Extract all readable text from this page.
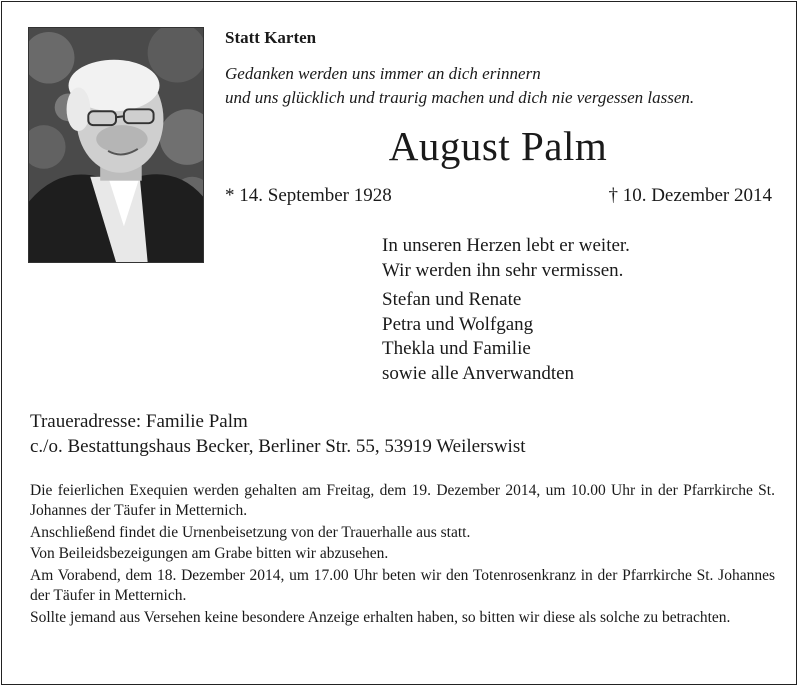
Statt Karten
Gedanken werden uns immer an dich erinnern
und uns glücklich und traurig machen und dich nie vergessen lassen.
August Palm
* 14. September 1928	† 10. Dezember 2014
In unseren Herzen lebt er weiter.
Wir werden ihn sehr vermissen.
Stefan und Renate
Petra und Wolfgang
Thekla und Familie
sowie alle Anverwandten
Traueradresse: Familie Palm
c./o. Bestattungshaus Becker, Berliner Str. 55, 53919 Weilerswist

Die feierlichen Exequien werden gehalten am Freitag, dem 19. Dezember 2014, um 10.00 Uhr in der Pfarrkirche St. Johannes der Täufer in Metternich.

Anschließend findet die Urnenbeisetzung von der Trauerhalle aus statt.

Von Beileidsbezeigungen am Grabe bitten wir abzusehen.

Am Vorabend, dem 18. Dezember 2014, um 17.00 Uhr beten wir den Totenrosenkranz in der Pfarrkirche St. Johannes der Täufer in Metternich.

Sollte jemand aus Versehen keine besondere Anzeige erhalten haben, so bitten wir diese als solche zu betrachten.
